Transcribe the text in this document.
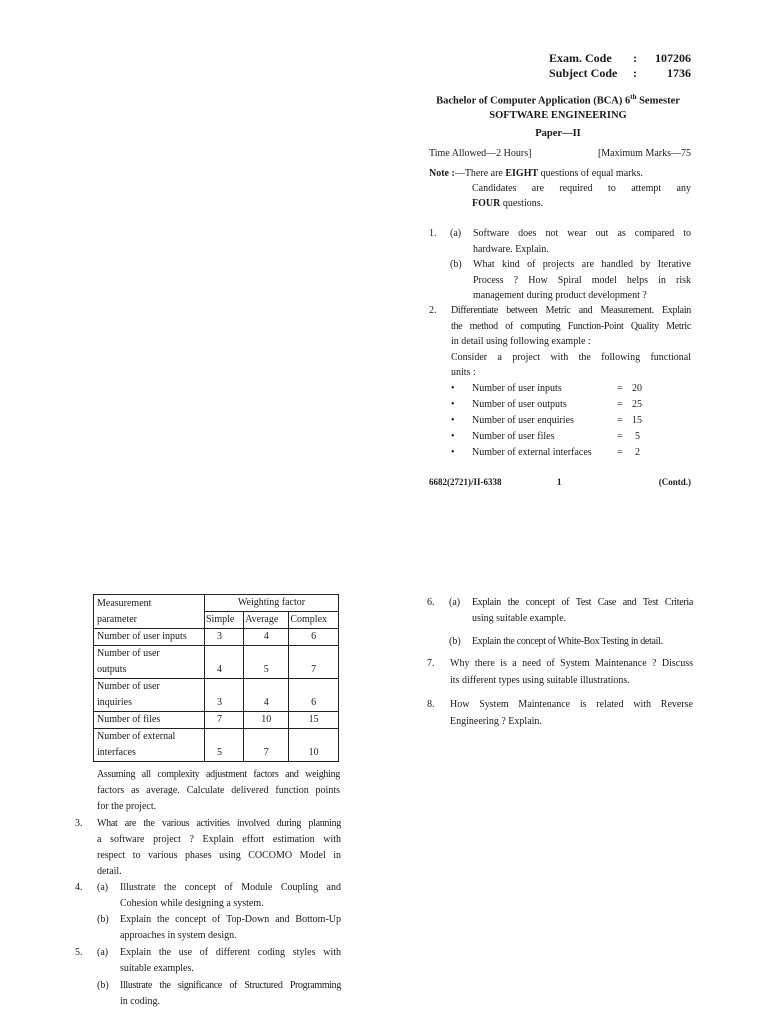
Exam. Code : 107206
Subject Code :	1736
Bachelor of Computer Application (BCA) 6th Semester
SOFTWARE ENGINEERING
Paper—II
Time Allowed—2 Hours]	[Maximum Marks—75
Note :—There are EIGHT questions of equal marks.
Candidates are required to attempt any
FOUR questions.
1. (a) Software does not wear out as compared to
hardware. Explain.
(b) What kind of projects are handled by Iterative
Process ? How Spiral model helps in risk
management during product development ?
2. Differentiate between Metric and Measurement. Explain
the method of computing Function-Point Quality Metric
in detail using following example :
Consider a project with the following functional
units :
• Number of user inputs	= 20
• Number of user outputs	= 25
• Number of user enquiries	= 15
• Number of user files	= 5
• Number of external interfaces	= 2
6682(2721)/II-6338	1	(Contd.)
Measurement	Weighting factor		
parameter	Simple	Average	Complex
Number of user inputs	3	4	6

Number of user
outputs	4	5	7

Number of user
inquiries	3	4	6
Number of files	7	10	15

Number of external
interfaces	5	7	10
Assuming all complexity adjustment factors and weighing
factors as average. Calculate delivered function points
for the project.
3. What are the various activities involved during planning
a software project ? Explain effort estimation with
respect to various phases using COCOMO Model in
detail.
4. (a) Illustrate the concept of Module Coupling and
Cohesion while designing a system.
(b) Explain the concept of Top-Down and Bottom-Up
approaches in system design.
5. (a) Explain the use of different coding styles with
suitable examples.
(b) Illustrate the significance of Structured Programming
in coding.
6. (a) Explain the concept of Test Case and Test Criteria
using suitable example.
(b) Explain the concept of White-Box Testing in detail.
7. Why there is a need of System Maintenance ? Discuss
its different types using suitable illustrations.
8. How System Maintenance is related with Reverse
Engineering ? Explain.
